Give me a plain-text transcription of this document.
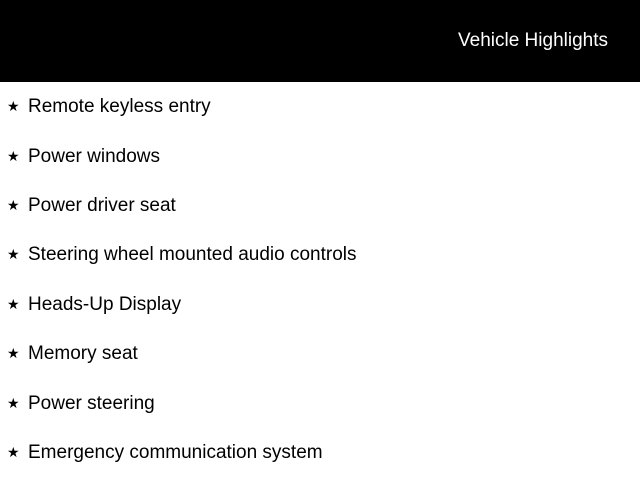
Vehicle Highlights
★ Remote keyless entry
★ Power windows
★ Power driver seat
★ Steering wheel mounted audio controls
★ Heads-Up Display
★ Memory seat
★ Power steering
★ Emergency communication system
